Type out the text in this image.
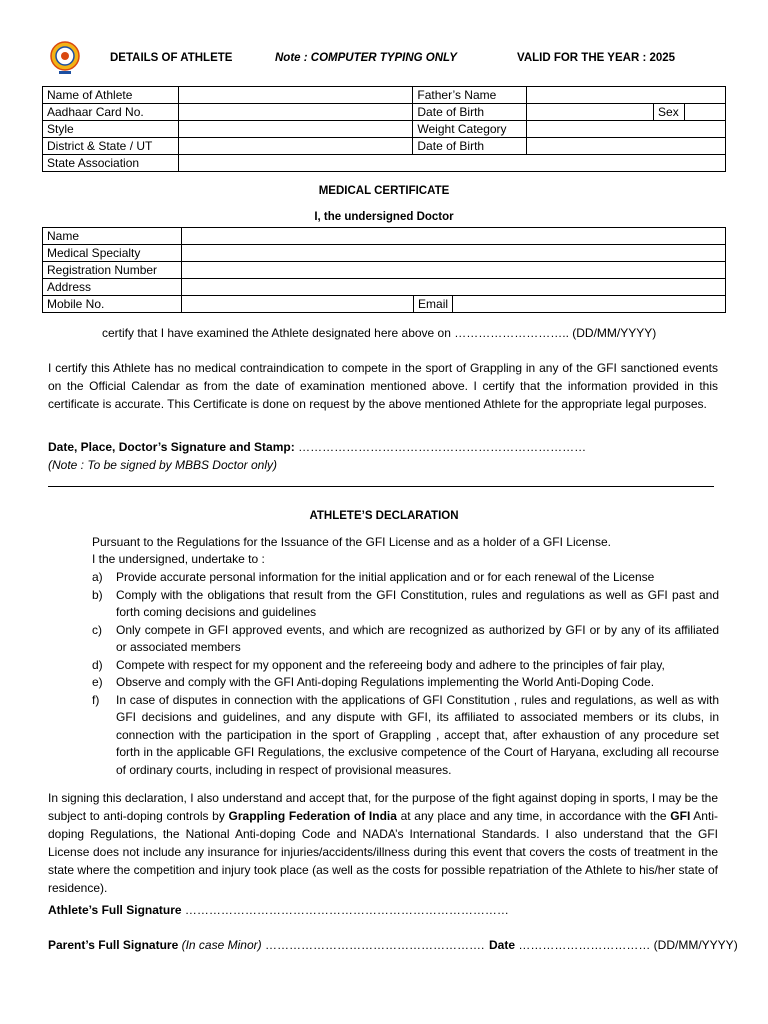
DETAILS OF ATHLETE	Note : COMPUTER TYPING ONLY	VALID FOR THE YEAR : 2025
Name of Athlete		Father’s Name			
Aadhaar Card No.		Date of Birth		Sex	
Style		Weight Category			
District & State / UT		Date of Birth			
State Association					
MEDICAL CERTIFICATE
I, the undersigned Doctor
Name			
Medical Specialty			
Registration Number			
Address			
Mobile No.		Email	
certify that I have examined the Athlete designated here above on ……………………….. (DD/MM/YYYY)
I certify this Athlete has no medical contraindication to compete in the sport of Grappling in any of the GFI sanctioned events on the Official Calendar as from the date of examination mentioned above. I certify that the information provided in this certificate is accurate. This Certificate is done on request by the above mentioned Athlete for the appropriate legal purposes.
Date, Place, Doctor’s Signature and Stamp: ………………………………………………………………
(Note : To be signed by MBBS Doctor only)
ATHLETE’S DECLARATION
Pursuant to the Regulations for the Issuance of the GFI License and as a holder of a GFI License.
I the undersigned, undertake to :
a) Provide accurate personal information for the initial application and or for each renewal of the License
b) Comply with the obligations that result from the GFI Constitution, rules and regulations as well as GFI past and forth coming decisions and guidelines
c) Only compete in GFI approved events, and which are recognized as authorized by GFI or by any of its affiliated or associated members
d) Compete with respect for my opponent and the refereeing body and adhere to the principles of fair play,
e) Observe and comply with the GFI Anti-doping Regulations implementing the World Anti-Doping Code.
f) In case of disputes in connection with the applications of GFI Constitution , rules and regulations, as well as with GFI decisions and guidelines, and any dispute with GFI, its affiliated to associated members or its clubs, in connection with the participation in the sport of Grappling , accept that, after exhaustion of any procedure set forth in the applicable GFI Regulations, the exclusive competence of the Court of Haryana, excluding all recourse of ordinary courts, including in respect of provisional measures.
In signing this declaration, I also understand and accept that, for the purpose of the fight against doping in sports, I may be the subject to anti-doping controls by Grappling Federation of India at any place and any time, in accordance with the GFI Anti-doping Regulations, the National Anti-doping Code and NADA’s International Standards. I also understand that the GFI License does not include any insurance for injuries/accidents/illness during this event that covers the costs of treatment in the state where the competition and injury took place (as well as the costs for possible repatriation of the Athlete to his/her state of residence).
Athlete’s Full Signature ………………………………………………………………………
Parent’s Full Signature (In case Minor) ………………………………………………. Date …………………………… (DD/MM/YYYY)
